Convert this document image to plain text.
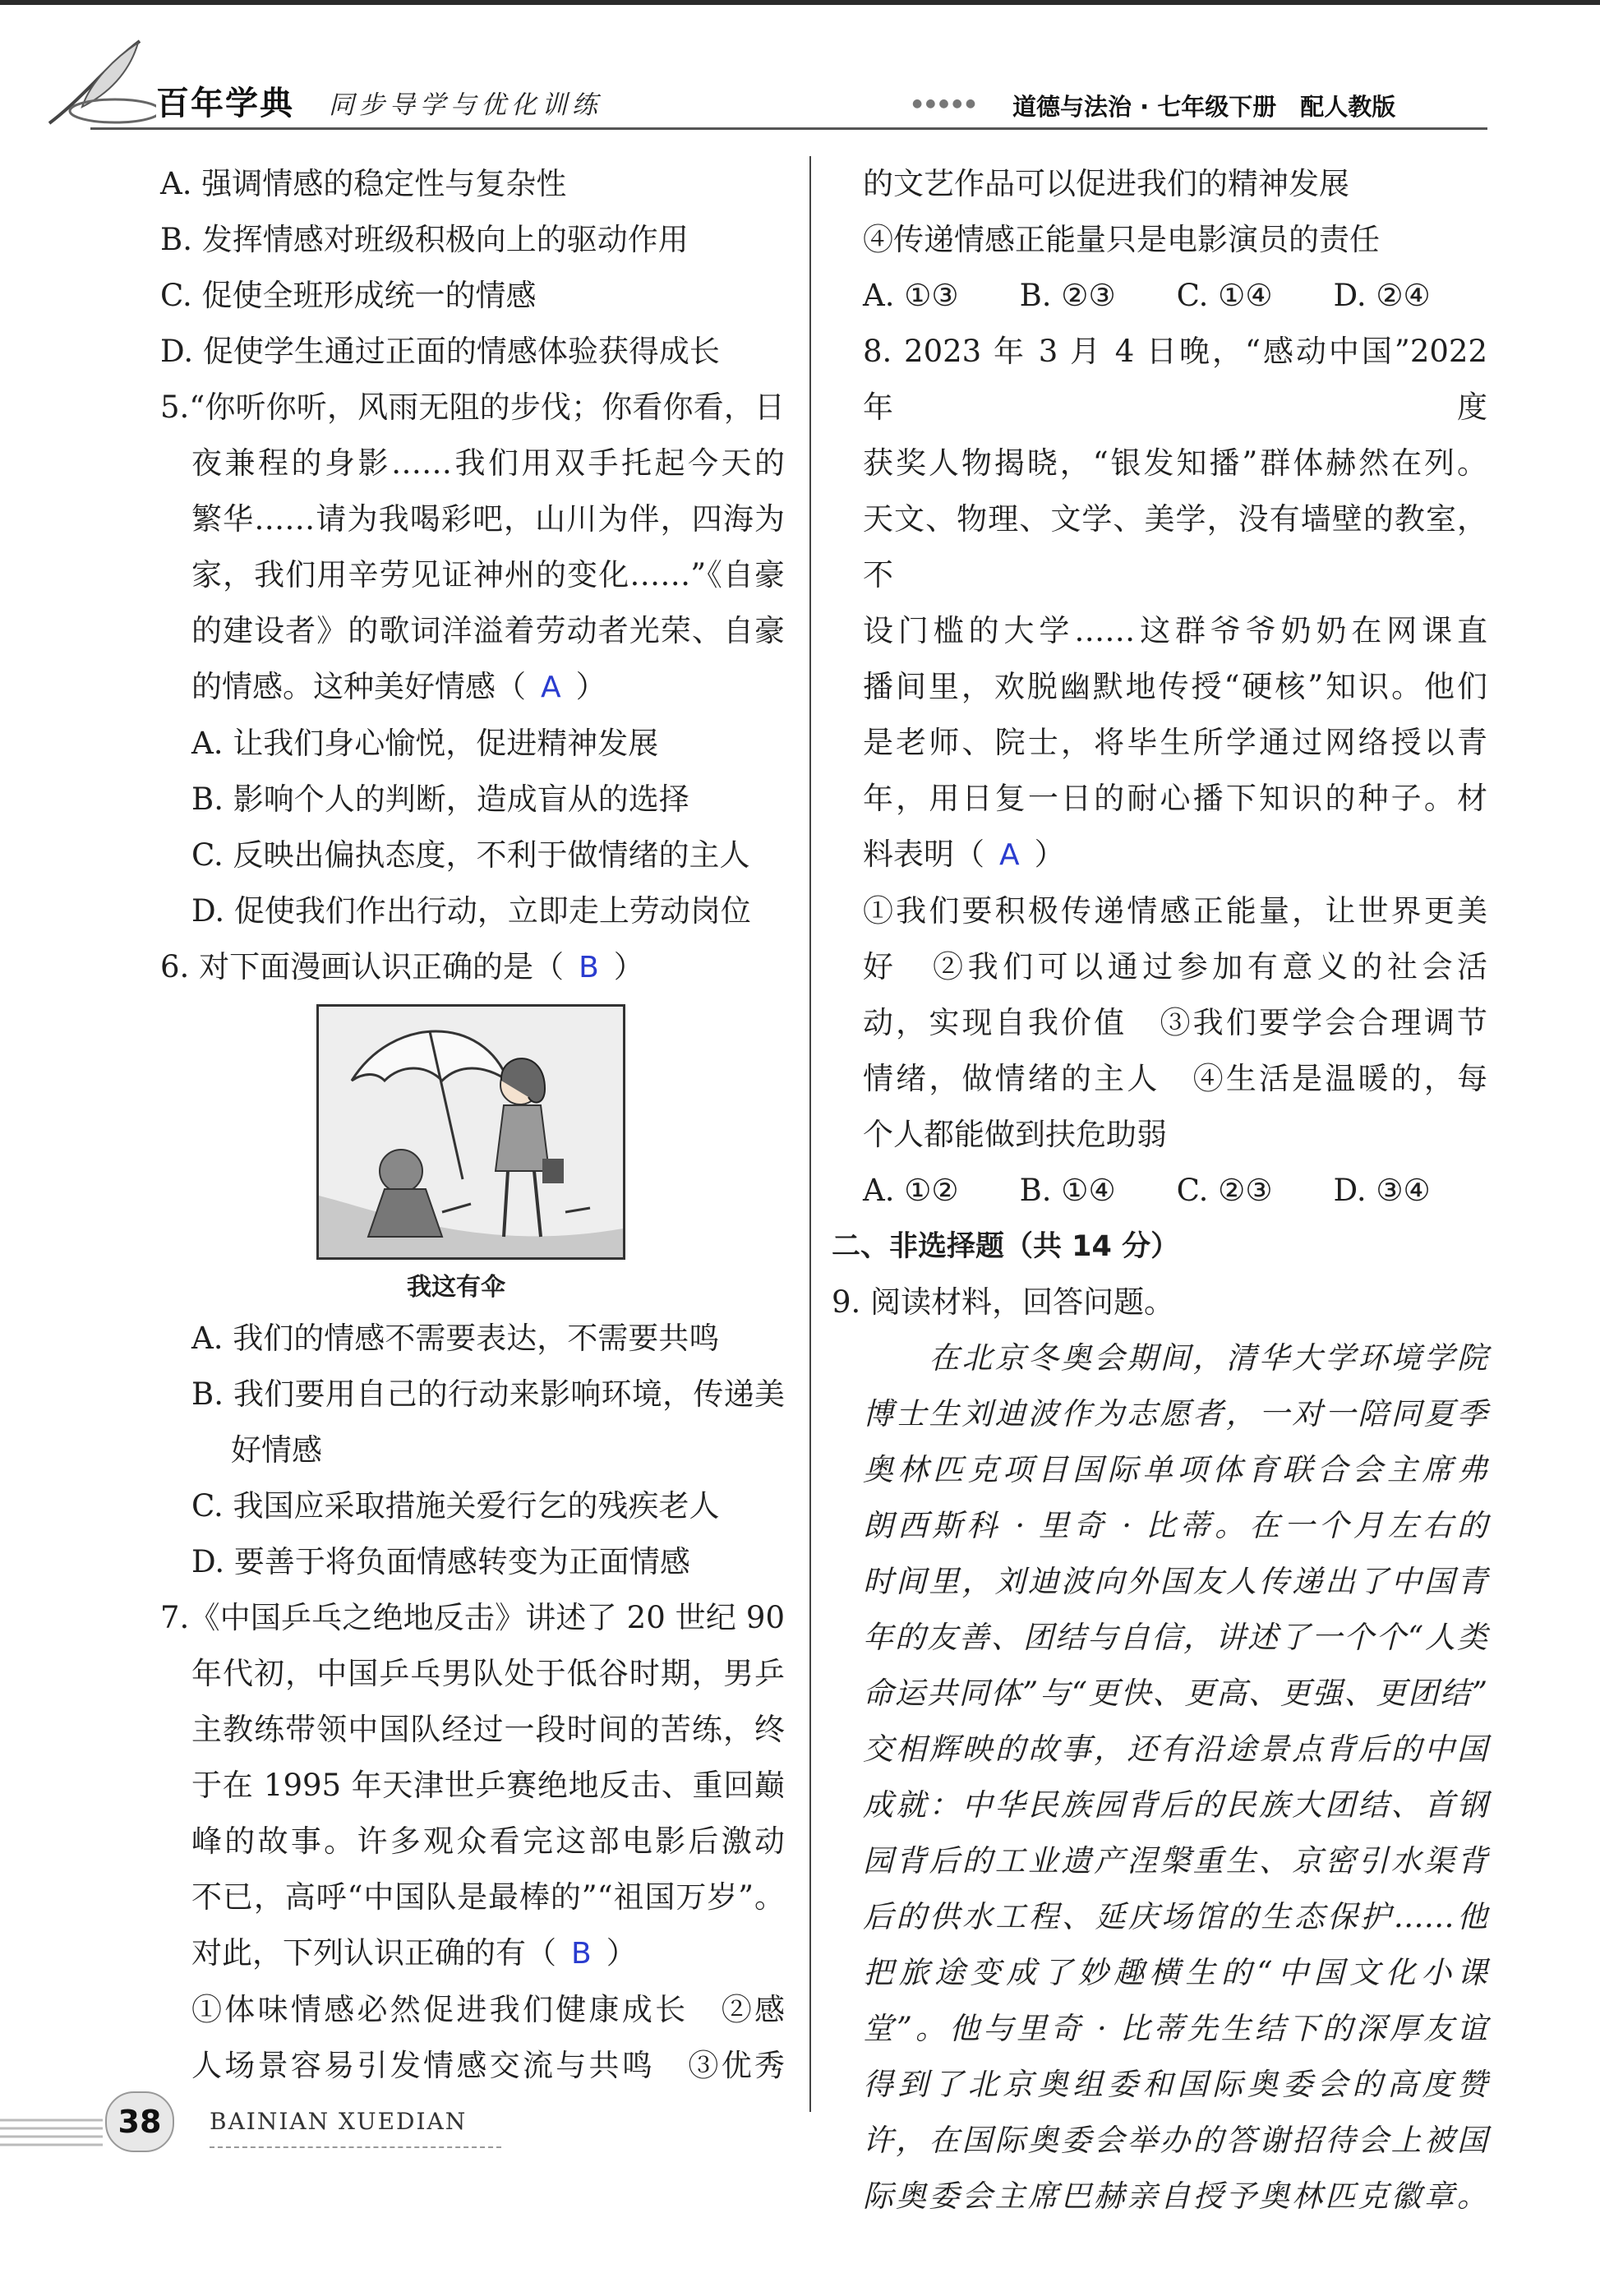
百年学典 同步导学与优化训练	●●●●● 道德与法治 · 七年级下册　配人教版

A. 强调情感的稳定性与复杂性

B. 发挥情感对班级积极向上的驱动作用

C. 促使全班形成统一的情感

D. 促使学生通过正面的情感体验获得成长

5.“你听你听，风雨无阻的步伐；你看你看，日

夜兼程的身影……我们用双手托起今天的

繁华……请为我喝彩吧，山川为伴，四海为

家，我们用辛劳见证神州的变化……”《自豪

的建设者》的歌词洋溢着劳动者光荣、自豪

的情感。这种美好情感（ A ）

A. 让我们身心愉悦，促进精神发展

B. 影响个人的判断，造成盲从的选择

C. 反映出偏执态度，不利于做情绪的主人

D. 促使我们作出行动，立即走上劳动岗位

6. 对下面漫画认识正确的是（ B ）

我这有伞

A. 我们的情感不需要表达，不需要共鸣

B. 我们要用自己的行动来影响环境，传递美

好情感

C. 我国应采取措施关爱行乞的残疾老人

D. 要善于将负面情感转变为正面情感

7.《中国乒乓之绝地反击》讲述了 20 世纪 90

年代初，中国乒乓男队处于低谷时期，男乒

主教练带领中国队经过一段时间的苦练，终

于在 1995 年天津世乒赛绝地反击、重回巅

峰的故事。许多观众看完这部电影后激动

不已，高呼“中国队是最棒的”“祖国万岁”。

对此，下列认识正确的有（ B ）

①体味情感必然促进我们健康成长　②感

人场景容易引发情感交流与共鸣　③优秀

的文艺作品可以促进我们的精神发展

④传递情感正能量只是电影演员的责任

A. ①③　　B. ②③　　C. ①④　　D. ②④

8. 2023 年 3 月 4 日晚，“感动中国”2022 年度

获奖人物揭晓，“银发知播”群体赫然在列。

天文、物理、文学、美学，没有墙壁的教室，不

设门槛的大学……这群爷爷奶奶在网课直

播间里，欢脱幽默地传授“硬核”知识。他们

是老师、院士，将毕生所学通过网络授以青

年，用日复一日的耐心播下知识的种子。材

料表明（ A ）

①我们要积极传递情感正能量，让世界更美

好　②我们可以通过参加有意义的社会活

动，实现自我价值　③我们要学会合理调节

情绪，做情绪的主人　④生活是温暖的，每

个人都能做到扶危助弱

A. ①②　　B. ①④　　C. ②③　　D. ③④

二、非选择题（共 14 分）

9. 阅读材料，回答问题。

　　在北京冬奥会期间，清华大学环境学院

博士生刘迪波作为志愿者，一对一陪同夏季

奥林匹克项目国际单项体育联合会主席弗

朗西斯科 · 里奇 · 比蒂。在一个月左右的

时间里，刘迪波向外国友人传递出了中国青

年的友善、团结与自信，讲述了一个个“人类

命运共同体”与“更快、更高、更强、更团结”

交相辉映的故事，还有沿途景点背后的中国

成就：中华民族园背后的民族大团结、首钢

园背后的工业遗产涅槃重生、京密引水渠背

后的供水工程、延庆场馆的生态保护……他

把旅途变成了妙趣横生的“中国文化小课

堂”。他与里奇 · 比蒂先生结下的深厚友谊

得到了北京奥组委和国际奥委会的高度赞

许，在国际奥委会举办的答谢招待会上被国

际奥委会主席巴赫亲自授予奥林匹克徽章。

38	BAINIAN XUEDIAN
